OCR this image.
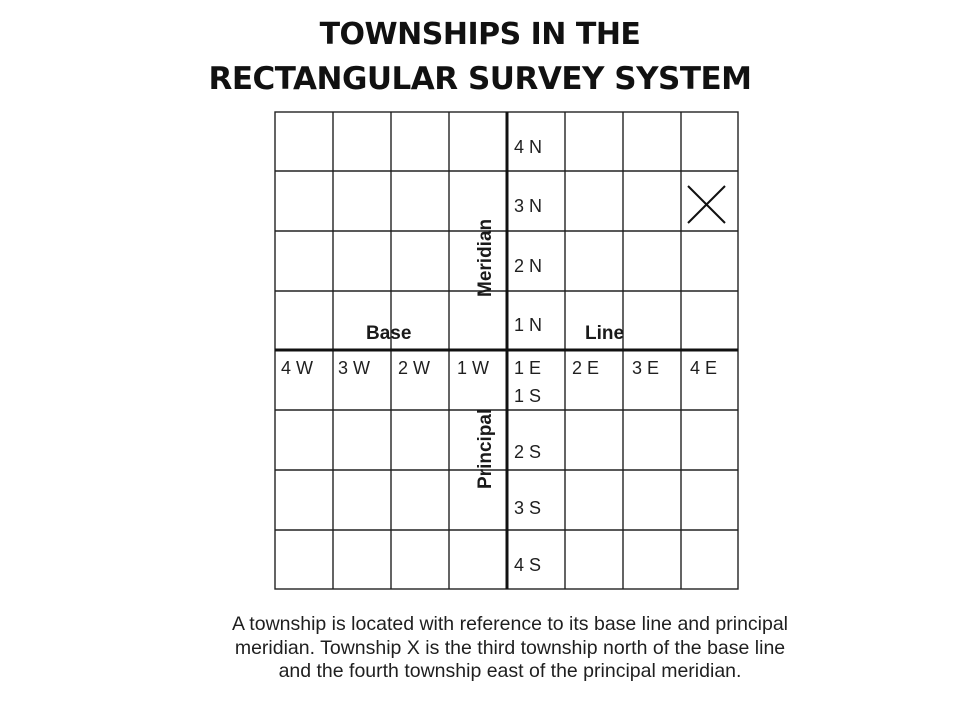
TOWNSHIPS IN THE
RECTANGULAR SURVEY SYSTEM
4 N
3 N
2 N
1 N
4 W 3 W 2 W 1 W 1 E 2 E 3 E 4 E
1 S
2 S
3 S
4 S
Base	Line
Meridian
Principal
A township is located with reference to its base line and principal meridian. Township X is the third township north of the base line and the fourth township east of the principal meridian.
